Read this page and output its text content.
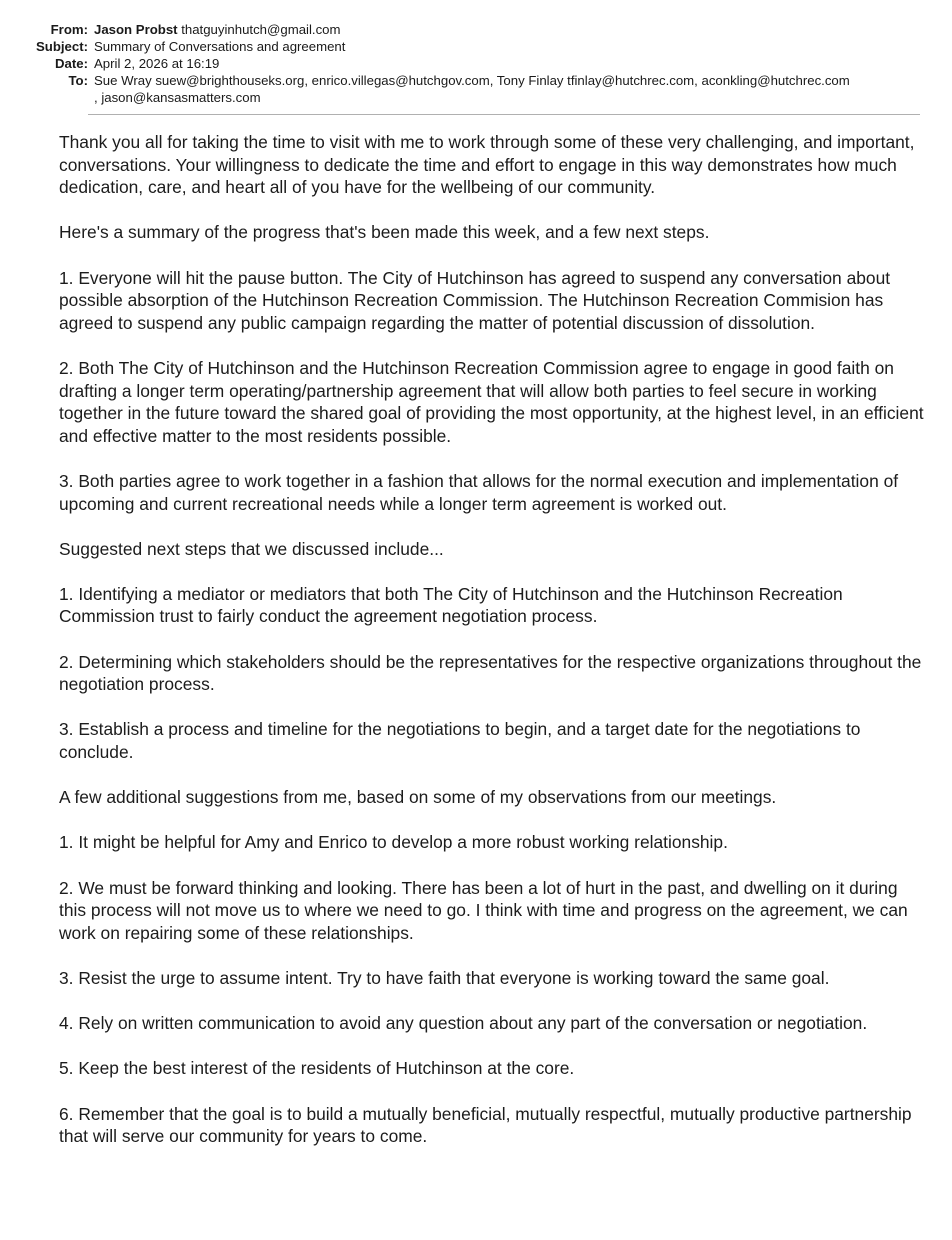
From: Jason Probst thatguyinhutch@gmail.com
Subject: Summary of Conversations and agreement
Date: April 2, 2026 at 16:19
To: Sue Wray suew@brighthouseks.org, enrico.villegas@hutchgov.com, Tony Finlay tfinlay@hutchrec.com, aconkling@hutchrec.com
, jason@kansasmatters.com

Thank you all for taking the time to visit with me to work through some of these very challenging, and important, conversations. Your willingness to dedicate the time and effort to engage in this way demonstrates how much dedication, care, and heart all of you have for the wellbeing of our community.

Here's a summary of the progress that's been made this week, and a few next steps.

1. Everyone will hit the pause button. The City of Hutchinson has agreed to suspend any conversation about possible absorption of the Hutchinson Recreation Commission. The Hutchinson Recreation Commision has agreed to suspend any public campaign regarding the matter of potential discussion of dissolution.

2. Both The City of Hutchinson and the Hutchinson Recreation Commission agree to engage in good faith on drafting a longer term operating/partnership agreement that will allow both parties to feel secure in working together in the future toward the shared goal of providing the most opportunity, at the highest level, in an efficient and effective matter to the most residents possible.

3. Both parties agree to work together in a fashion that allows for the normal execution and implementation of upcoming and current recreational needs while a longer term agreement is worked out.

Suggested next steps that we discussed include...

1. Identifying a mediator or mediators that both The City of Hutchinson and the Hutchinson Recreation Commission trust to fairly conduct the agreement negotiation process.

2. Determining which stakeholders should be the representatives for the respective organizations throughout the negotiation process.

3. Establish a process and timeline for the negotiations to begin, and a target date for the negotiations to conclude.

A few additional suggestions from me, based on some of my observations from our meetings.

1. It might be helpful for Amy and Enrico to develop a more robust working relationship.

2. We must be forward thinking and looking. There has been a lot of hurt in the past, and dwelling on it during this process will not move us to where we need to go. I think with time and progress on the agreement, we can work on repairing some of these relationships.

3. Resist the urge to assume intent. Try to have faith that everyone is working toward the same goal.

4. Rely on written communication to avoid any question about any part of the conversation or negotiation.

5. Keep the best interest of the residents of Hutchinson at the core.

6. Remember that the goal is to build a mutually beneficial, mutually respectful, mutually productive partnership that will serve our community for years to come.
